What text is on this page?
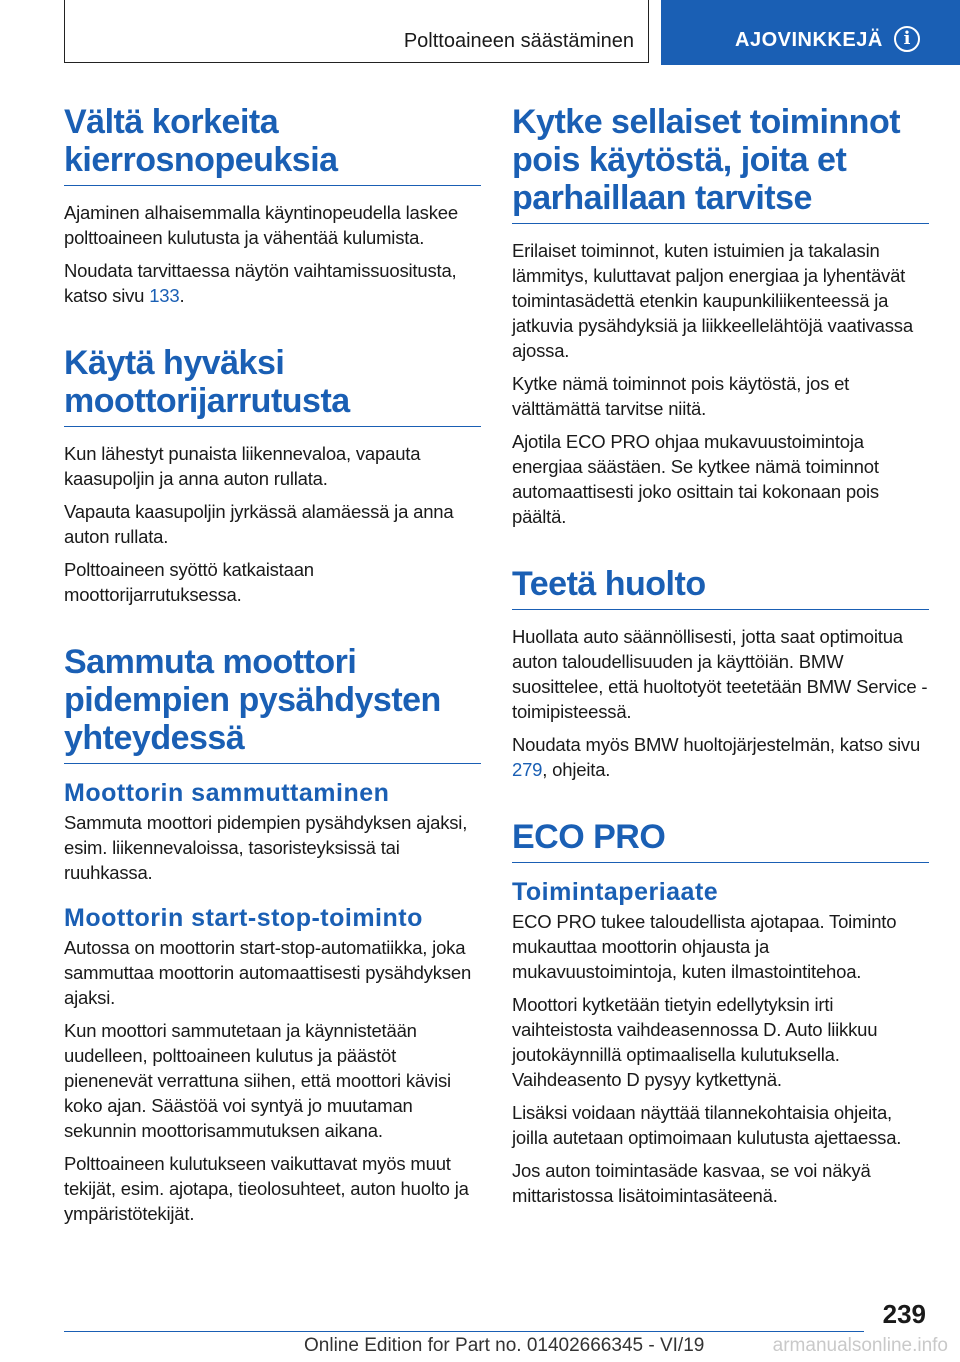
Polttoaineen säästäminen	AJOVINKKEJÄ	i
Vältä korkeita kierrosnopeuksia

Ajaminen alhaisemmalla käyntinopeudella laskee polttoaineen kulutusta ja vähentää kulumista.

Noudata tarvittaessa näytön vaihtamissuositusta, katso sivu 133.

Käytä hyväksi moottorijarrutusta

Kun lähestyt punaista liikennevaloa, vapauta kaasupoljin ja anna auton rullata.

Vapauta kaasupoljin jyrkässä alamäessä ja anna auton rullata.

Polttoaineen syöttö katkaistaan moottorijarrutuksessa.

Sammuta moottori pidempien pysähdysten yhteydessä
Moottorin sammuttaminen

Sammuta moottori pidempien pysähdyksen ajaksi, esim. liikennevaloissa, tasoristeyksissä tai ruuhkassa.

Moottorin start-stop-toiminto

Autossa on moottorin start-stop-automatiikka, joka sammuttaa moottorin automaattisesti pysähdyksen ajaksi.

Kun moottori sammutetaan ja käynnistetään uudelleen, polttoaineen kulutus ja päästöt pienenevät verrattuna siihen, että moottori kävisi koko ajan. Säästöä voi syntyä jo muutaman sekunnin moottorisammutuksen aikana.

Polttoaineen kulutukseen vaikuttavat myös muut tekijät, esim. ajotapa, tieolosuhteet, auton huolto ja ympäristötekijät.

Kytke sellaiset toiminnot pois käytöstä, joita et parhaillaan tarvitse

Erilaiset toiminnot, kuten istuimien ja takalasin lämmitys, kuluttavat paljon energiaa ja lyhentävät toimintasädettä etenkin kaupunkiliikenteessä ja jatkuvia pysähdyksiä ja liikkeellelähtöjä vaativassa ajossa.

Kytke nämä toiminnot pois käytöstä, jos et välttämättä tarvitse niitä.

Ajotila ECO PRO ohjaa mukavuustoimintoja energiaa säästäen. Se kytkee nämä toiminnot automaattisesti joko osittain tai kokonaan pois päältä.

Teetä huolto

Huollata auto säännöllisesti, jotta saat optimoitua auton taloudellisuuden ja käyttöiän. BMW suosittelee, että huoltotyöt teetetään BMW Service -toimipisteessä.

Noudata myös BMW huoltojärjestelmän, katso sivu 279, ohjeita.

ECO PRO
Toimintaperiaate

ECO PRO tukee taloudellista ajotapaa. Toiminto mukauttaa moottorin ohjausta ja mukavuustoimintoja, kuten ilmastointitehoa.

Moottori kytketään tietyin edellytyksin irti vaihteistosta vaihdeasennossa D. Auto liikkuu joutokäynnillä optimaalisella kulutuksella. Vaihdeasento D pysyy kytkettynä.

Lisäksi voidaan näyttää tilannekohtaisia ohjeita, joilla autetaan optimoimaan kulutusta ajettaessa.

Jos auton toimintasäde kasvaa, se voi näkyä mittaristossa lisätoimintasäteenä.

239
Online Edition for Part no. 01402666345 - VI/19	armanualsonline.info
